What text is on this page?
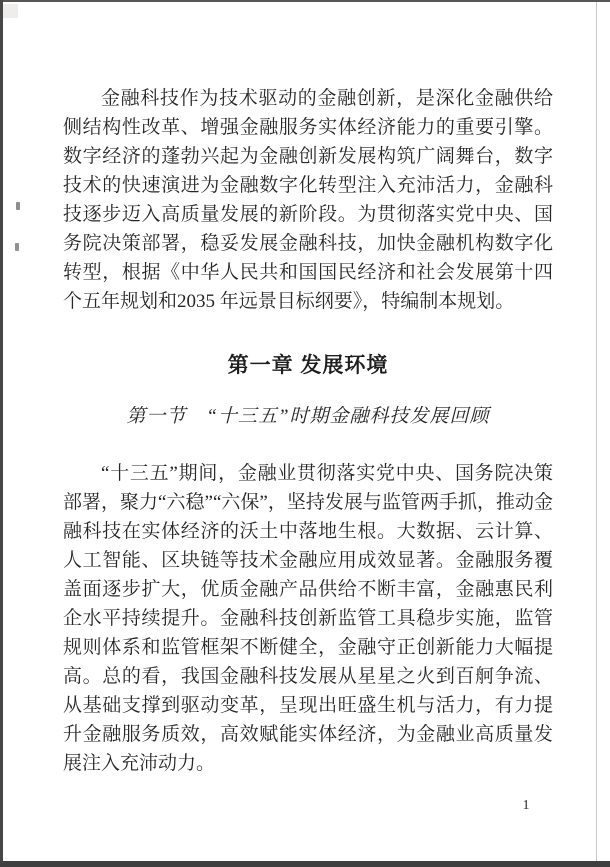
金融科技作为技术驱动的金融创新，是深化金融供给侧结构性改革、增强金融服务实体经济能力的重要引擎。数字经济的蓬勃兴起为金融创新发展构筑广阔舞台，数字技术的快速演进为金融数字化转型注入充沛活力，金融科技逐步迈入高质量发展的新阶段。为贯彻落实党中央、国务院决策部署，稳妥发展金融科技，加快金融机构数字化转型，根据《中华人民共和国国民经济和社会发展第十四个五年规划和2035 年远景目标纲要》，特编制本规划。

第一章 发展环境
第一节　“十三五”时期金融科技发展回顾

“十三五”期间，金融业贯彻落实党中央、国务院决策部署，聚力“六稳”“六保”，坚持发展与监管两手抓，推动金融科技在实体经济的沃土中落地生根。大数据、云计算、人工智能、区块链等技术金融应用成效显著。金融服务覆盖面逐步扩大，优质金融产品供给不断丰富，金融惠民利企水平持续提升。金融科技创新监管工具稳步实施，监管规则体系和监管框架不断健全，金融守正创新能力大幅提高。总的看，我国金融科技发展从星星之火到百舸争流、从基础支撑到驱动变革，呈现出旺盛生机与活力，有力提升金融服务质效，高效赋能实体经济，为金融业高质量发展注入充沛动力。

1
